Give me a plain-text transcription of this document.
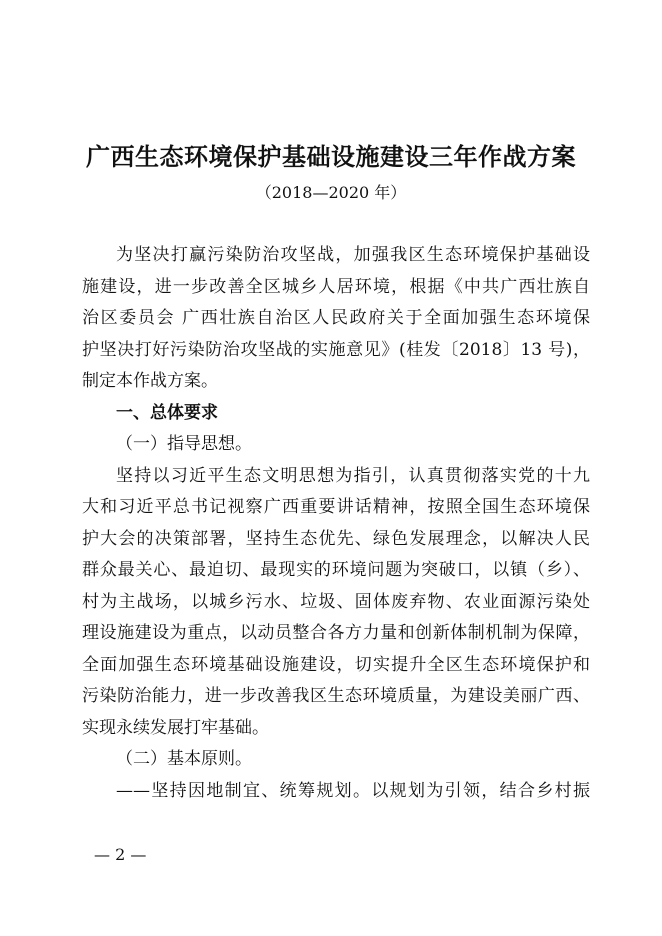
广西生态环境保护基础设施建设三年作战方案

（2018—2020 年）

为坚决打赢污染防治攻坚战，加强我区生态环境保护基础设
施建设，进一步改善全区城乡人居环境，根据《中共广西壮族自
治区委员会 广西壮族自治区人民政府关于全面加强生态环境保
护坚决打好污染防治攻坚战的实施意见》(桂发〔2018〕13 号)，
制定本作战方案。
一、总体要求
（一）指导思想。
坚持以习近平生态文明思想为指引，认真贯彻落实党的十九
大和习近平总书记视察广西重要讲话精神，按照全国生态环境保
护大会的决策部署，坚持生态优先、绿色发展理念，以解决人民
群众最关心、最迫切、最现实的环境问题为突破口，以镇（乡）、
村为主战场，以城乡污水、垃圾、固体废弃物、农业面源污染处
理设施建设为重点，以动员整合各方力量和创新体制机制为保障，
全面加强生态环境基础设施建设，切实提升全区生态环境保护和
污染防治能力，进一步改善我区生态环境质量，为建设美丽广西、
实现永续发展打牢基础。
（二）基本原则。
——坚持因地制宜、统筹规划。以规划为引领，结合乡村振
— 2 —
